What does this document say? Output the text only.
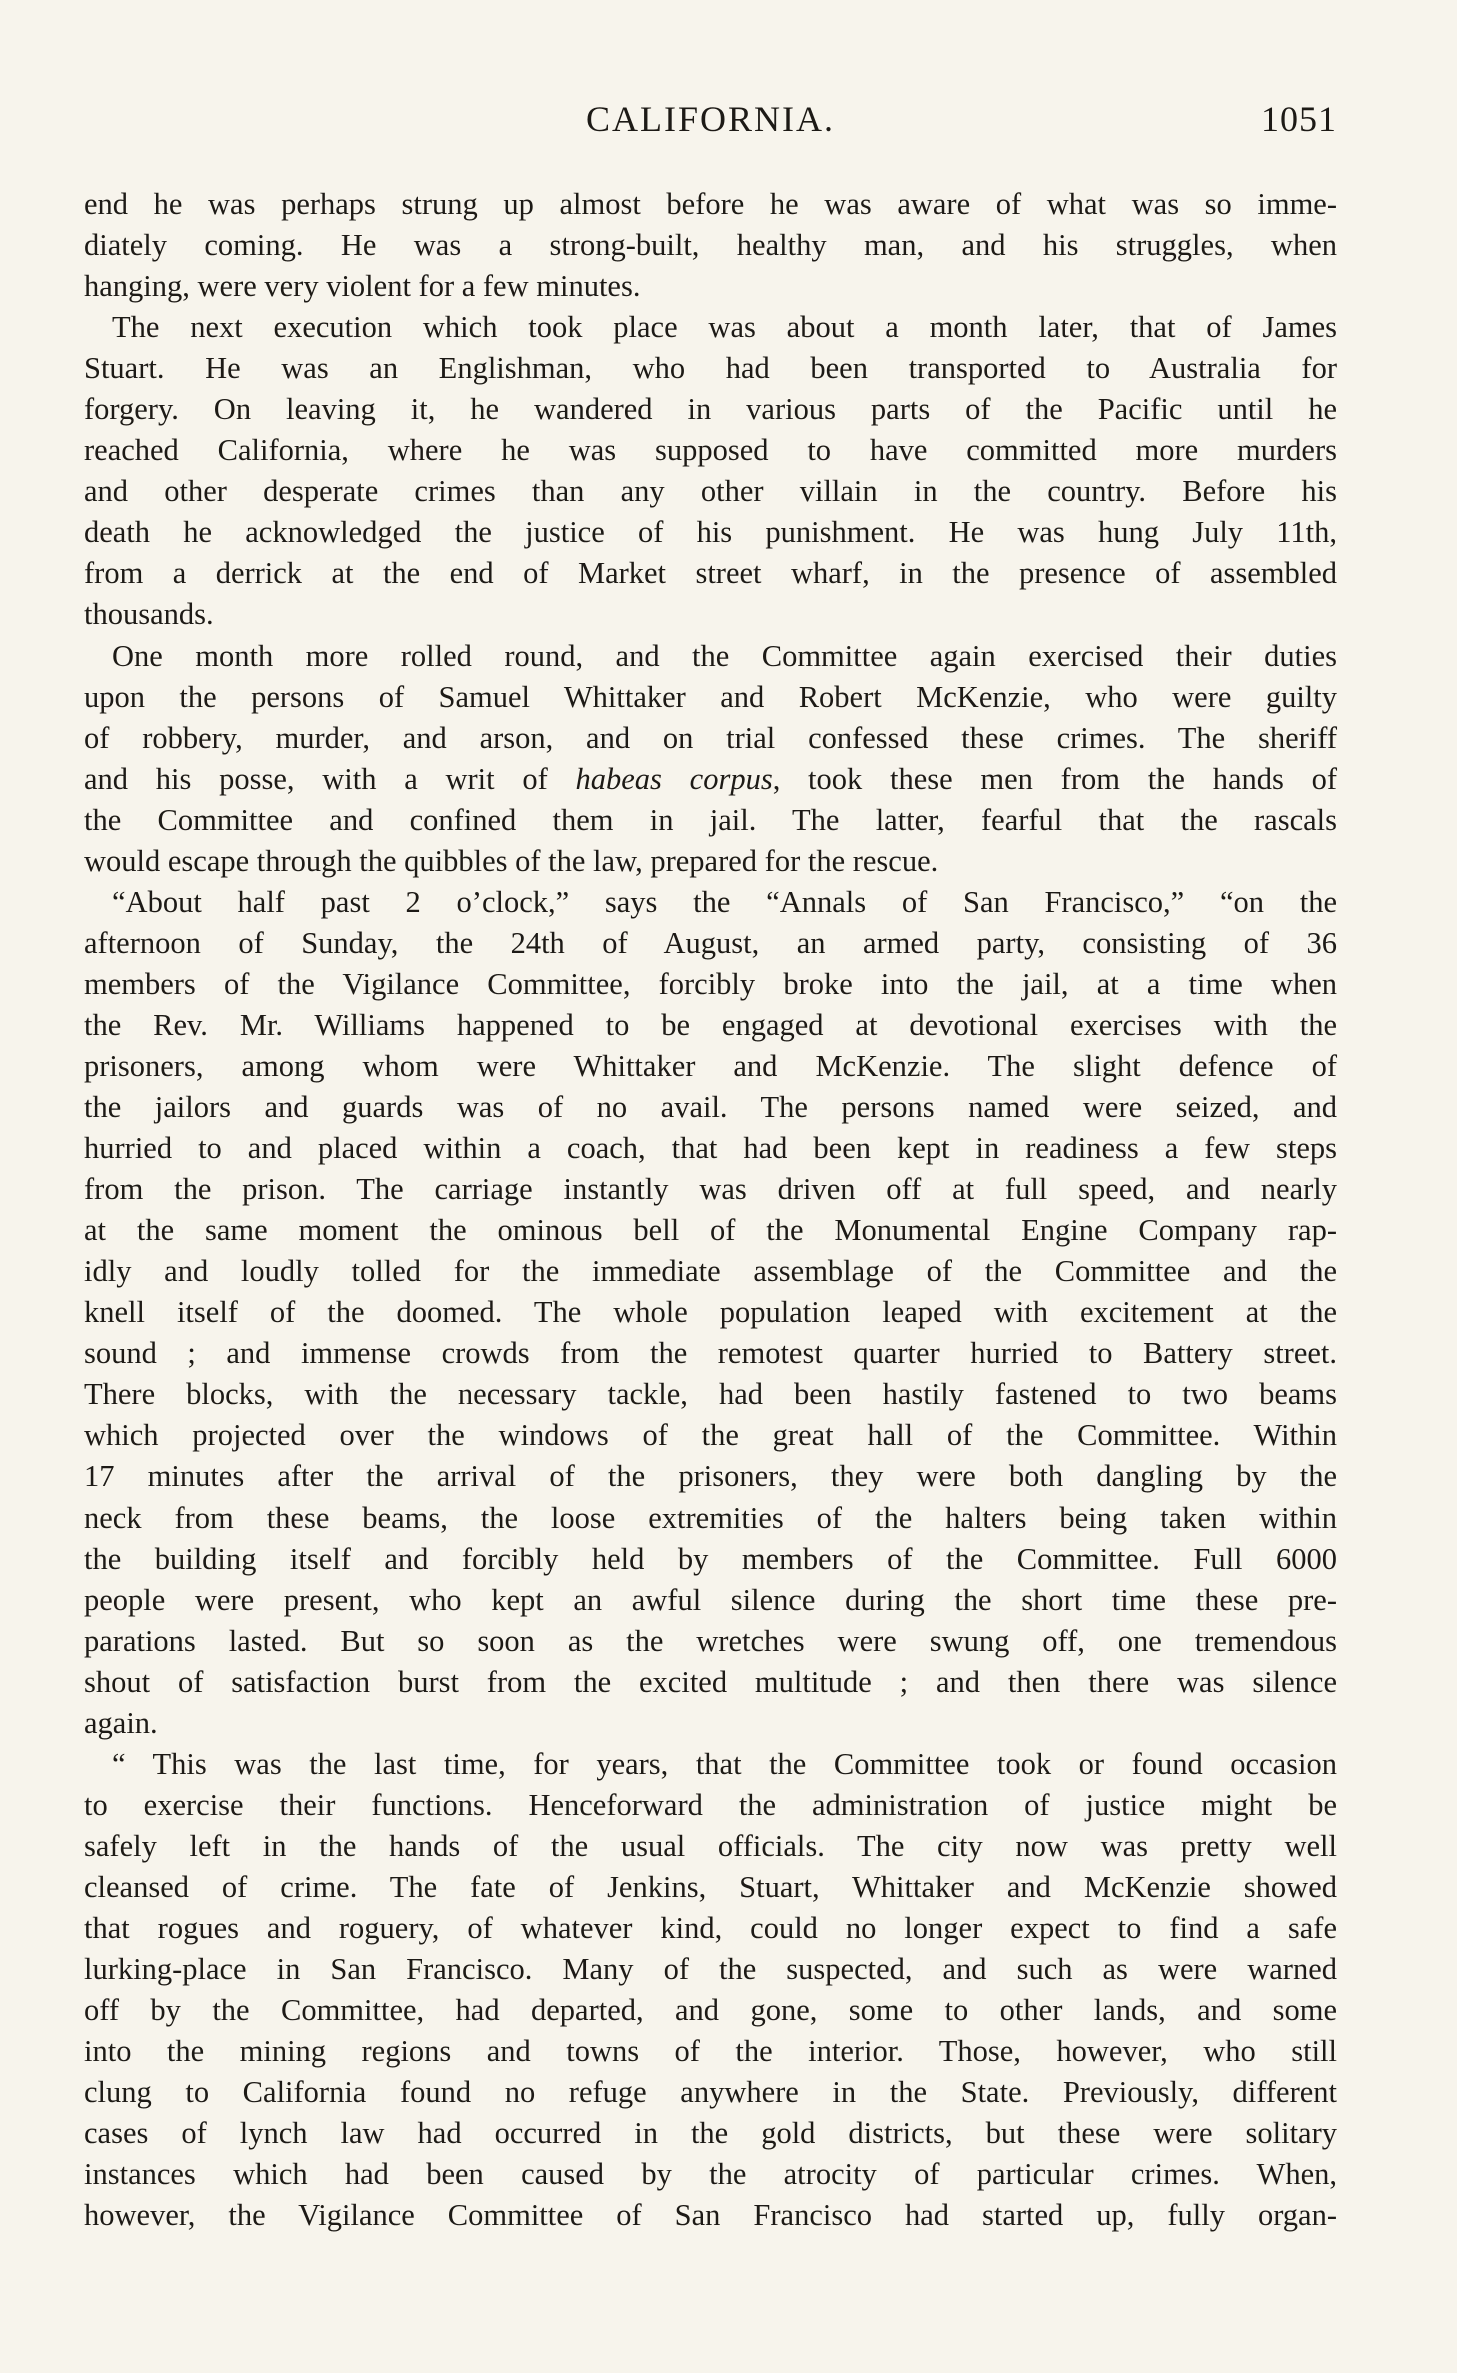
CALIFORNIA.	1051
end he was perhaps strung up almost before he was aware of what was so imme-
diately coming. He was a strong-built, healthy man, and his struggles, when
hanging, were very violent for a few minutes.
The next execution which took place was about a month later, that of James
Stuart. He was an Englishman, who had been transported to Australia for
forgery. On leaving it, he wandered in various parts of the Pacific until he
reached California, where he was supposed to have committed more murders
and other desperate crimes than any other villain in the country. Before his
death he acknowledged the justice of his punishment. He was hung July 11th,
from a derrick at the end of Market street wharf, in the presence of assembled
thousands.
One month more rolled round, and the Committee again exercised their duties
upon the persons of Samuel Whittaker and Robert McKenzie, who were guilty
of robbery, murder, and arson, and on trial confessed these crimes. The sheriff
and his posse, with a writ of habeas corpus, took these men from the hands of
the Committee and confined them in jail. The latter, fearful that the rascals
would escape through the quibbles of the law, prepared for the rescue.
“About half past 2 o’clock,” says the “Annals of San Francisco,” “on the
afternoon of Sunday, the 24th of August, an armed party, consisting of 36
members of the Vigilance Committee, forcibly broke into the jail, at a time when
the Rev. Mr. Williams happened to be engaged at devotional exercises with the
prisoners, among whom were Whittaker and McKenzie. The slight defence of
the jailors and guards was of no avail. The persons named were seized, and
hurried to and placed within a coach, that had been kept in readiness a few steps
from the prison. The carriage instantly was driven off at full speed, and nearly
at the same moment the ominous bell of the Monumental Engine Company rap-
idly and loudly tolled for the immediate assemblage of the Committee and the
knell itself of the doomed. The whole population leaped with excitement at the
sound ; and immense crowds from the remotest quarter hurried to Battery street.
There blocks, with the necessary tackle, had been hastily fastened to two beams
which projected over the windows of the great hall of the Committee. Within
17 minutes after the arrival of the prisoners, they were both dangling by the
neck from these beams, the loose extremities of the halters being taken within
the building itself and forcibly held by members of the Committee. Full 6000
people were present, who kept an awful silence during the short time these pre-
parations lasted. But so soon as the wretches were swung off, one tremendous
shout of satisfaction burst from the excited multitude ; and then there was silence
again.
“ This was the last time, for years, that the Committee took or found occasion
to exercise their functions. Henceforward the administration of justice might be
safely left in the hands of the usual officials. The city now was pretty well
cleansed of crime. The fate of Jenkins, Stuart, Whittaker and McKenzie showed
that rogues and roguery, of whatever kind, could no longer expect to find a safe
lurking-place in San Francisco. Many of the suspected, and such as were warned
off by the Committee, had departed, and gone, some to other lands, and some
into the mining regions and towns of the interior. Those, however, who still
clung to California found no refuge anywhere in the State. Previously, different
cases of lynch law had occurred in the gold districts, but these were solitary
instances which had been caused by the atrocity of particular crimes. When,
however, the Vigilance Committee of San Francisco had started up, fully organ-
